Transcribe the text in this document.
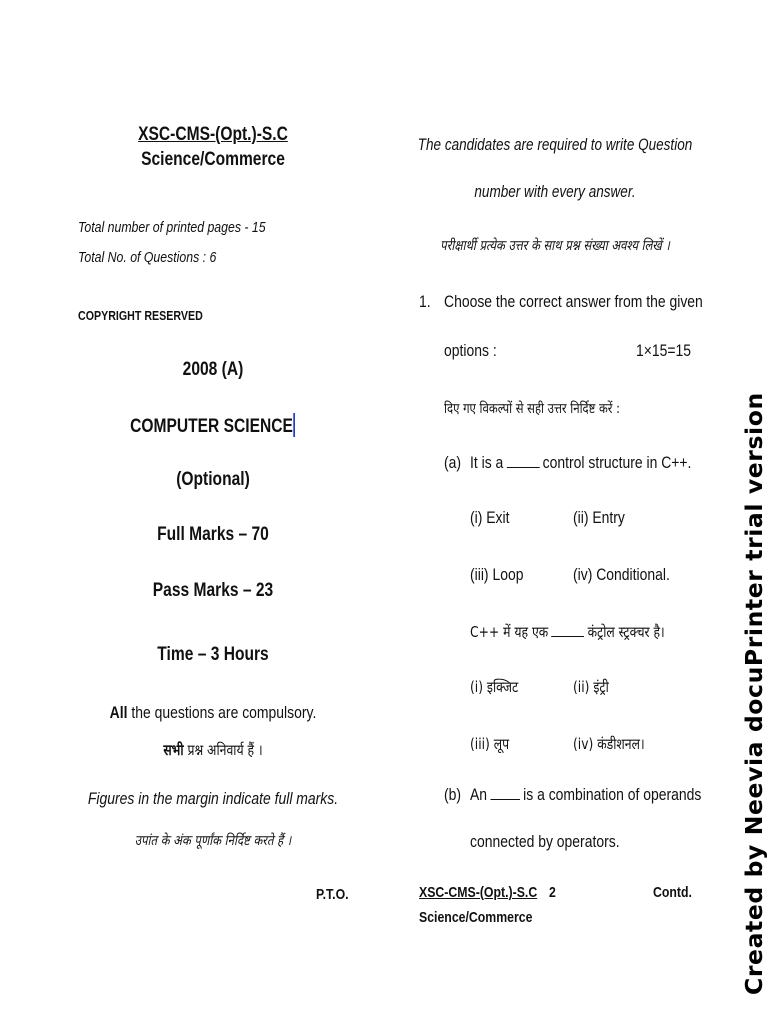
XSC-CMS-(Opt.)-S.C
Science/Commerce
Total number of printed pages - 15
Total No. of Questions : 6
COPYRIGHT RESERVED
2008 (A)
COMPUTER SCIENCE
(Optional)
Full Marks – 70
Pass Marks – 23
Time – 3 Hours
All the questions are compulsory.
सभी प्रश्न अनिवार्य हैं ।
Figures in the margin indicate full marks.
उपांत के अंक पूर्णांक निर्दिष्ट करते हैं ।
P.T.O.
The candidates are required to write Question
number with every answer.
परीक्षार्थी प्रत्येक उत्तर के साथ प्रश्न संख्या अवश्य लिखें ।
1. Choose the correct answer from the given
options :	1×15=15
दिए गए विकल्पों से सही उत्तर निर्दिष्ट करें :
(a) It is a control structure in C++.
(i) Exit	(ii) Entry
(iii) Loop	(iv) Conditional.
C++ में यह एक	कंट्रोल स्ट्रक्चर है।
(i) इक्जिट	(ii) इंट्री
(iii) लूप	(iv) कंडीशनल।
(b) An is a combination of operands
connected by operators.
XSC-CMS-(Opt.)-S.C
Science/Commerce
2	Contd. Created by Neevia docuPrinter trial version
